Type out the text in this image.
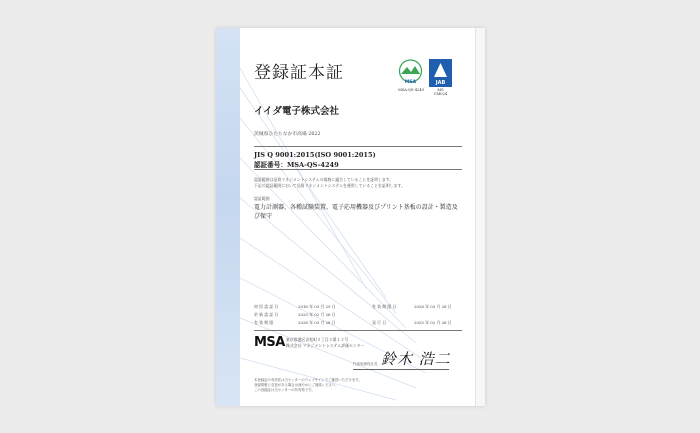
登録証本証	MSA
MSA-QS-4249
JAB
MS
CM024
イイダ電子株式会社
茨城県ひたちなか市高場 2622
JIS Q 9001:2015(ISO 9001:2015)
認証番号：MSA-QS-4249
認証範囲は品質マネジメントシステムの規格に適合していることを証明します。
下記の認証範囲において品質マネジメントシステムを運用していることを証明します。
認証範囲
電力計測器、各種試験装置、電子応用機器及びプリント基板の設計・製造及び保守
初 回 認 証 日	2016 年 03 月 29 日	有 効 期 限 日	2028 年 03 月 28 日
更 新 認 証 日	2025 年 02 月 26 日
有 効 期 限	2028 年 03 月 28 日	発 行 日	2025 年 02 月 26 日
MSA 東京都港区浜松町２丁目２番１２号
株式会社 マネジメントシステム評価センター
鈴木 浩二
代表取締役社長
本登録証の有効性は当センターのウェブサイトでご確認いただけます。
登録情報に変更がある場合は速やかにご連絡ください。
この登録証は当センターの所有物です。
